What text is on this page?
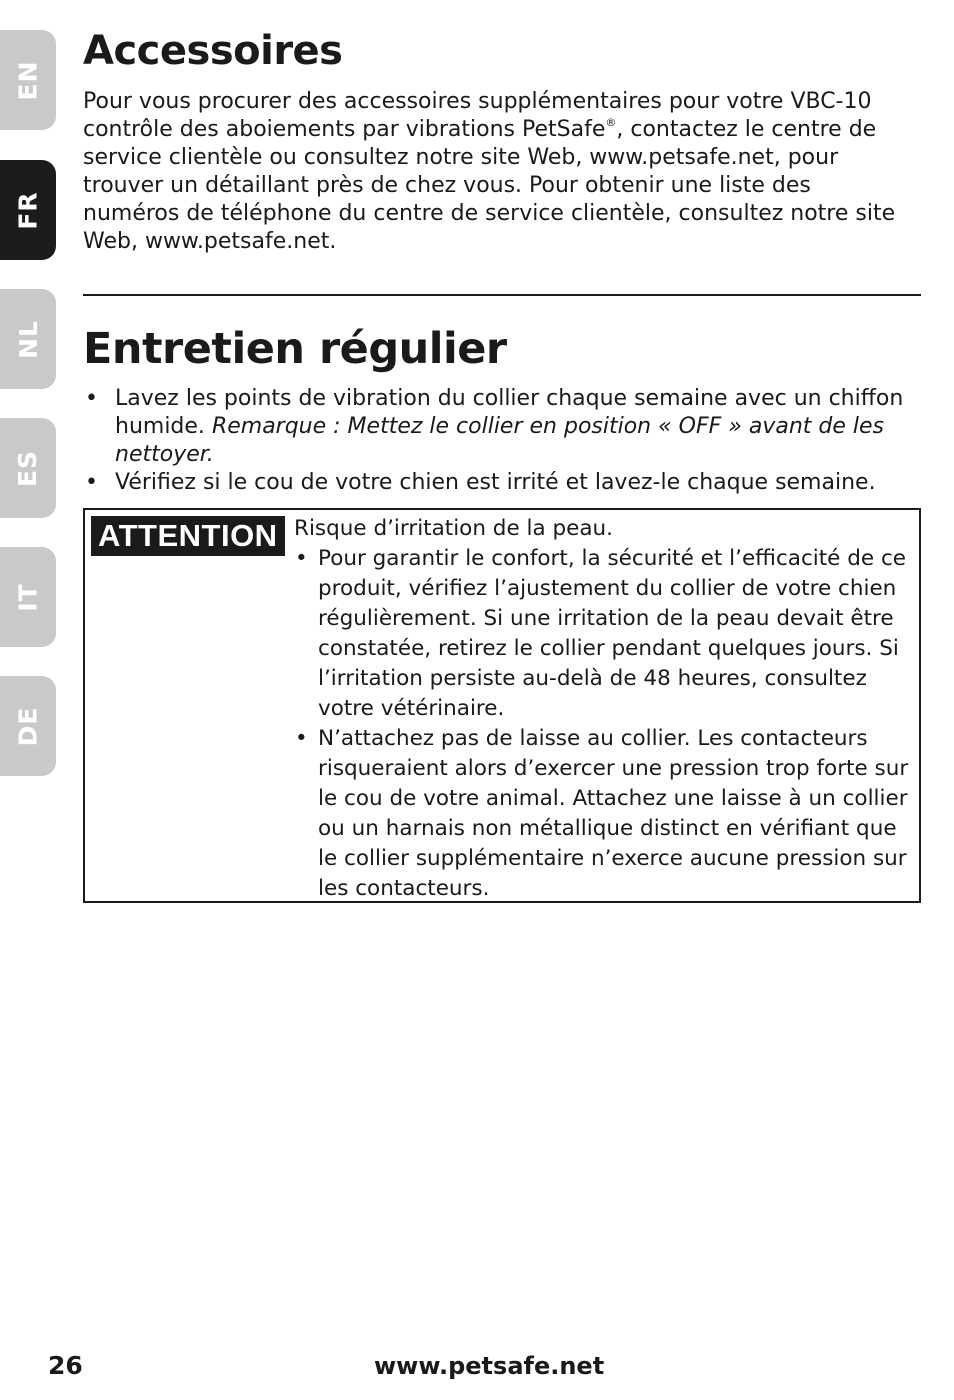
EN
FR
NL
ES
IT
DE
Accessoires

Pour vous procurer des accessoires supplémentaires pour votre VBC-10 contrôle des aboiements par vibrations PetSafe®, contactez le centre de service clientèle ou consultez notre site Web, www.petsafe.net, pour trouver un détaillant près de chez vous. Pour obtenir une liste des numéros de téléphone du centre de service clientèle, consultez notre site Web, www.petsafe.net.

Entretien régulier
• Lavez les points de vibration du collier chaque semaine avec un chiffon humide. Remarque : Mettez le collier en position « OFF » avant de les nettoyer.
• Vérifiez si le cou de votre chien est irrité et lavez-le chaque semaine.
ATTENTION Risque d’irritation de la peau.

• Pour garantir le confort, la sécurité et l’efficacité de ce produit, vérifiez l’ajustement du collier de votre chien régulièrement. Si une irritation de la peau devait être constatée, retirez le collier pendant quelques jours. Si l’irritation persiste au-delà de 48 heures, consultez votre vétérinaire.
• N’attachez pas de laisse au collier. Les contacteurs risqueraient alors d’exercer une pression trop forte sur le cou de votre animal. Attachez une laisse à un collier ou un harnais non métallique distinct en vérifiant que le collier supplémentaire n’exerce aucune pression sur les contacteurs.
26	www.petsafe.net
